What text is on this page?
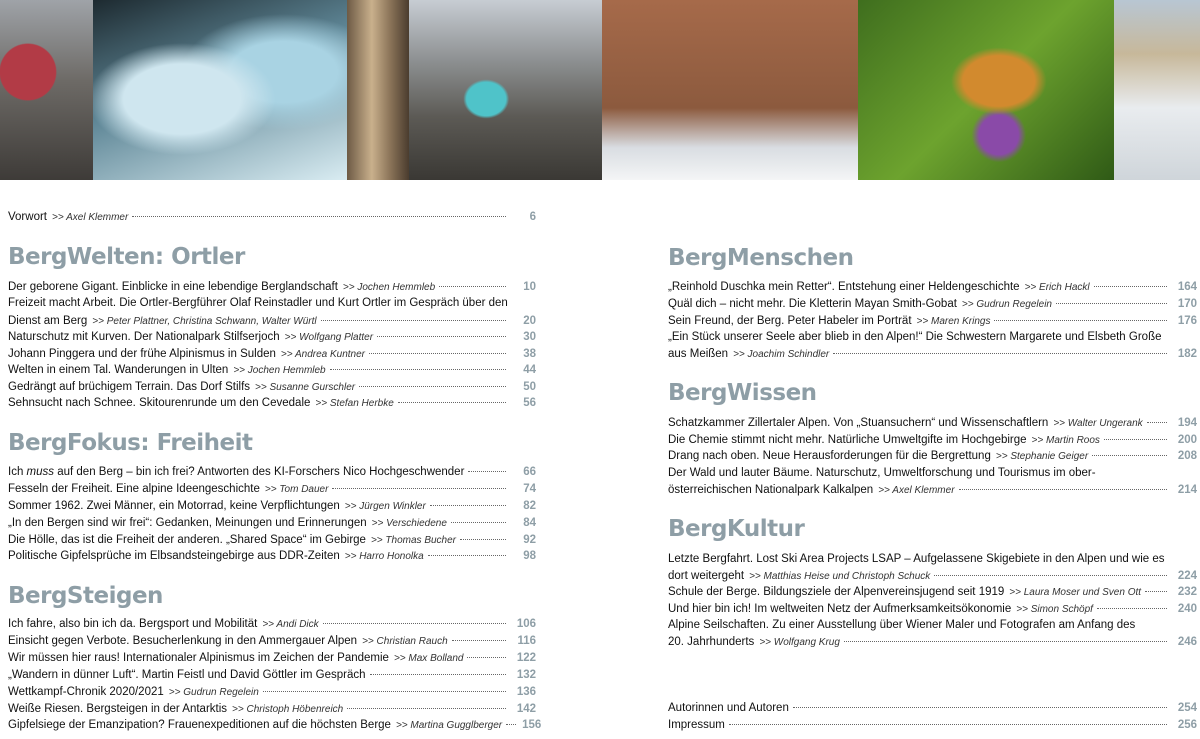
Vorwort >> Axel Klemmer	6
BergWelten: Ortler
Der geborene Gigant. Einblicke in eine lebendige Berglandschaft >> Jochen Hemmleb	10
Freizeit macht Arbeit. Die Ortler-Bergführer Olaf Reinstadler und Kurt Ortler im Gespräch über den
Dienst am Berg >> Peter Plattner, Christina Schwann, Walter Würtl	20
Naturschutz mit Kurven. Der Nationalpark Stilfserjoch >> Wolfgang Platter	30
Johann Pinggera und der frühe Alpinismus in Sulden >> Andrea Kuntner	38
Welten in einem Tal. Wanderungen in Ulten >> Jochen Hemmleb	44
Gedrängt auf brüchigem Terrain. Das Dorf Stilfs >> Susanne Gurschler	50
Sehnsucht nach Schnee. Skitourenrunde um den Cevedale >> Stefan Herbke	56
BergFokus: Freiheit
Ich muss auf den Berg – bin ich frei? Antworten des KI-Forschers Nico Hochgeschwender	66
Fesseln der Freiheit. Eine alpine Ideengeschichte >> Tom Dauer	74
Sommer 1962. Zwei Männer, ein Motorrad, keine Verpflichtungen >> Jürgen Winkler	82
„In den Bergen sind wir frei“: Gedanken, Meinungen und Erinnerungen >> Verschiedene	84
Die Hölle, das ist die Freiheit der anderen. „Shared Space“ im Gebirge >> Thomas Bucher	92
Politische Gipfelsprüche im Elbsandsteingebirge aus DDR-Zeiten >> Harro Honolka	98
BergSteigen
Ich fahre, also bin ich da. Bergsport und Mobilität >> Andi Dick	106
Einsicht gegen Verbote. Besucherlenkung in den Ammergauer Alpen >> Christian Rauch	116
Wir müssen hier raus! Internationaler Alpinismus im Zeichen der Pandemie >> Max Bolland	122
„Wandern in dünner Luft“. Martin Feistl und David Göttler im Gespräch	132
Wettkampf-Chronik 2020/2021 >> Gudrun Regelein	136
Weiße Riesen. Bergsteigen in der Antarktis >> Christoph Höbenreich	142
Gipfelsiege der Emanzipation? Frauenexpeditionen auf die höchsten Berge >> Martina Gugglberger 156
BergMenschen
„Reinhold Duschka mein Retter“. Entstehung einer Heldengeschichte >> Erich Hackl	164
Quäl dich – nicht mehr. Die Kletterin Mayan Smith-Gobat >> Gudrun Regelein	170
Sein Freund, der Berg. Peter Habeler im Porträt >> Maren Krings	176
„Ein Stück unserer Seele aber blieb in den Alpen!“ Die Schwestern Margarete und Elsbeth Große
aus Meißen >> Joachim Schindler	182
BergWissen
Schatzkammer Zillertaler Alpen. Von „Stuansuchern“ und Wissenschaftlern >> Walter Ungerank	194
Die Chemie stimmt nicht mehr. Natürliche Umweltgifte im Hochgebirge >> Martin Roos	200
Drang nach oben. Neue Herausforderungen für die Bergrettung >> Stephanie Geiger	208
Der Wald und lauter Bäume. Naturschutz, Umweltforschung und Tourismus im ober-
österreichischen Nationalpark Kalkalpen >> Axel Klemmer	214
BergKultur
Letzte Bergfahrt. Lost Ski Area Projects LSAP – Aufgelassene Skigebiete in den Alpen und wie es
dort weitergeht >> Matthias Heise und Christoph Schuck	224
Schule der Berge. Bildungsziele der Alpenvereinsjugend seit 1919 >> Laura Moser und Sven Ott	232
Und hier bin ich! Im weltweiten Netz der Aufmerksamkeitsökonomie >> Simon Schöpf	240
Alpine Seilschaften. Zu einer Ausstellung über Wiener Maler und Fotografen am Anfang des
20. Jahrhunderts >> Wolfgang Krug	246
Autorinnen und Autoren	254
Impressum	256
